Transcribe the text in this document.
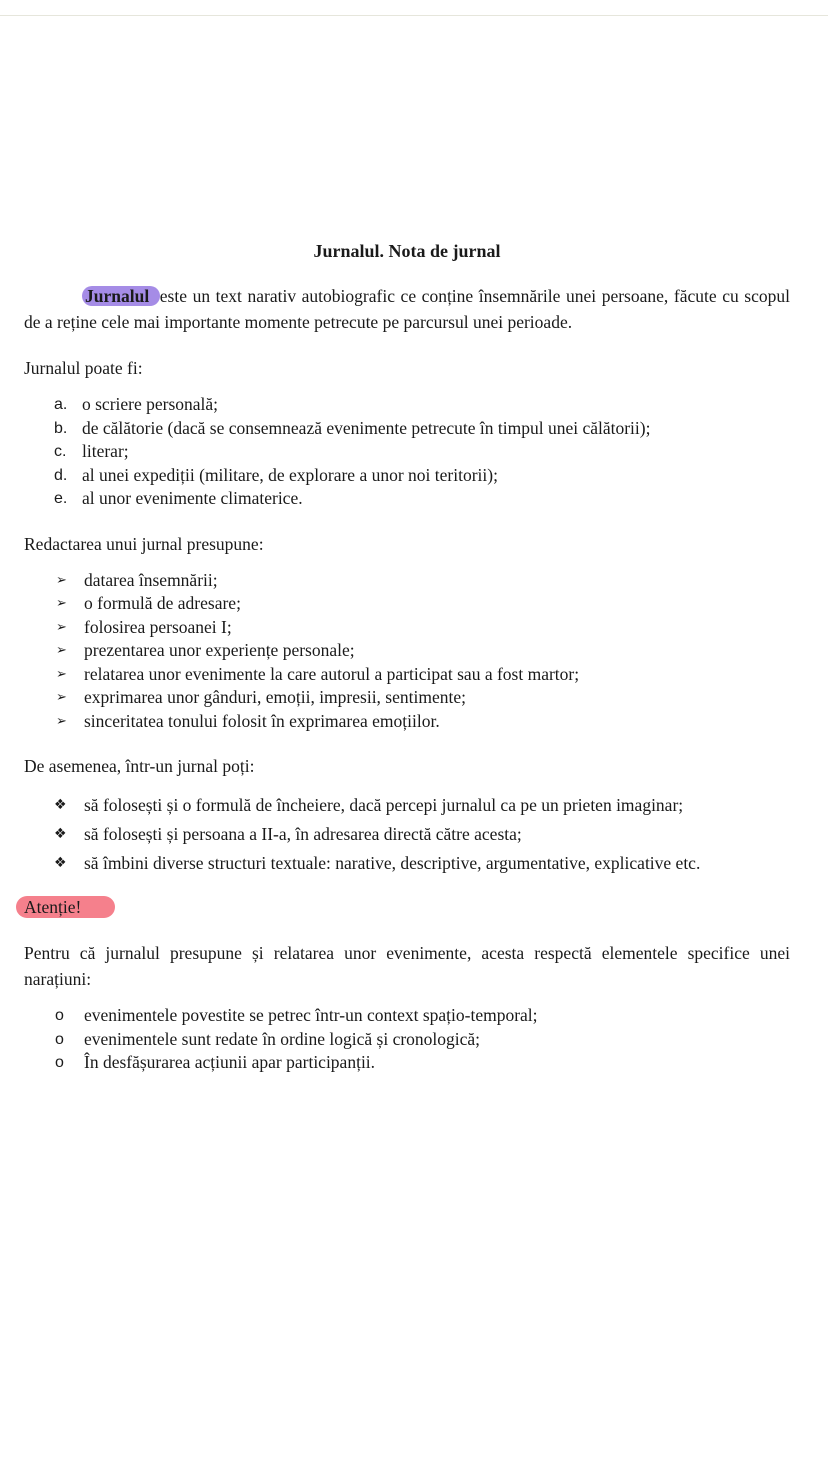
Jurnalul. Nota de jurnal

Jurnalul este un text narativ autobiografic ce conține însemnările unei persoane, făcute cu scopul de a reține cele mai importante momente petrecute pe parcursul unei perioade.

Jurnalul poate fi:

a. o scriere personală;
b. de călătorie (dacă se consemnează evenimente petrecute în timpul unei călătorii);
c. literar;
d. al unei expediții (militare, de explorare a unor noi teritorii);
e. al unor evenimente climaterice.

Redactarea unui jurnal presupune:

➢ datarea însemnării;
➢ o formulă de adresare;
➢ folosirea persoanei I;
➢ prezentarea unor experiențe personale;
➢ relatarea unor evenimente la care autorul a participat sau a fost martor;
➢ exprimarea unor gânduri, emoții, impresii, sentimente;
➢ sinceritatea tonului folosit în exprimarea emoțiilor.

De asemenea, într-un jurnal poți:

❖ să folosești și o formulă de încheiere, dacă percepi jurnalul ca pe un prieten imaginar;
❖ să folosești și persoana a II-a, în adresarea directă către acesta;
❖ să îmbini diverse structuri textuale: narative, descriptive, argumentative, explicative etc.
Atenție!

Pentru că jurnalul presupune și relatarea unor evenimente, acesta respectă elementele specifice unei narațiuni:

o	evenimentele povestite se petrec într-un context spațio-temporal;
o	evenimentele sunt redate în ordine logică și cronologică;
o	În desfășurarea acțiunii apar participanții.
